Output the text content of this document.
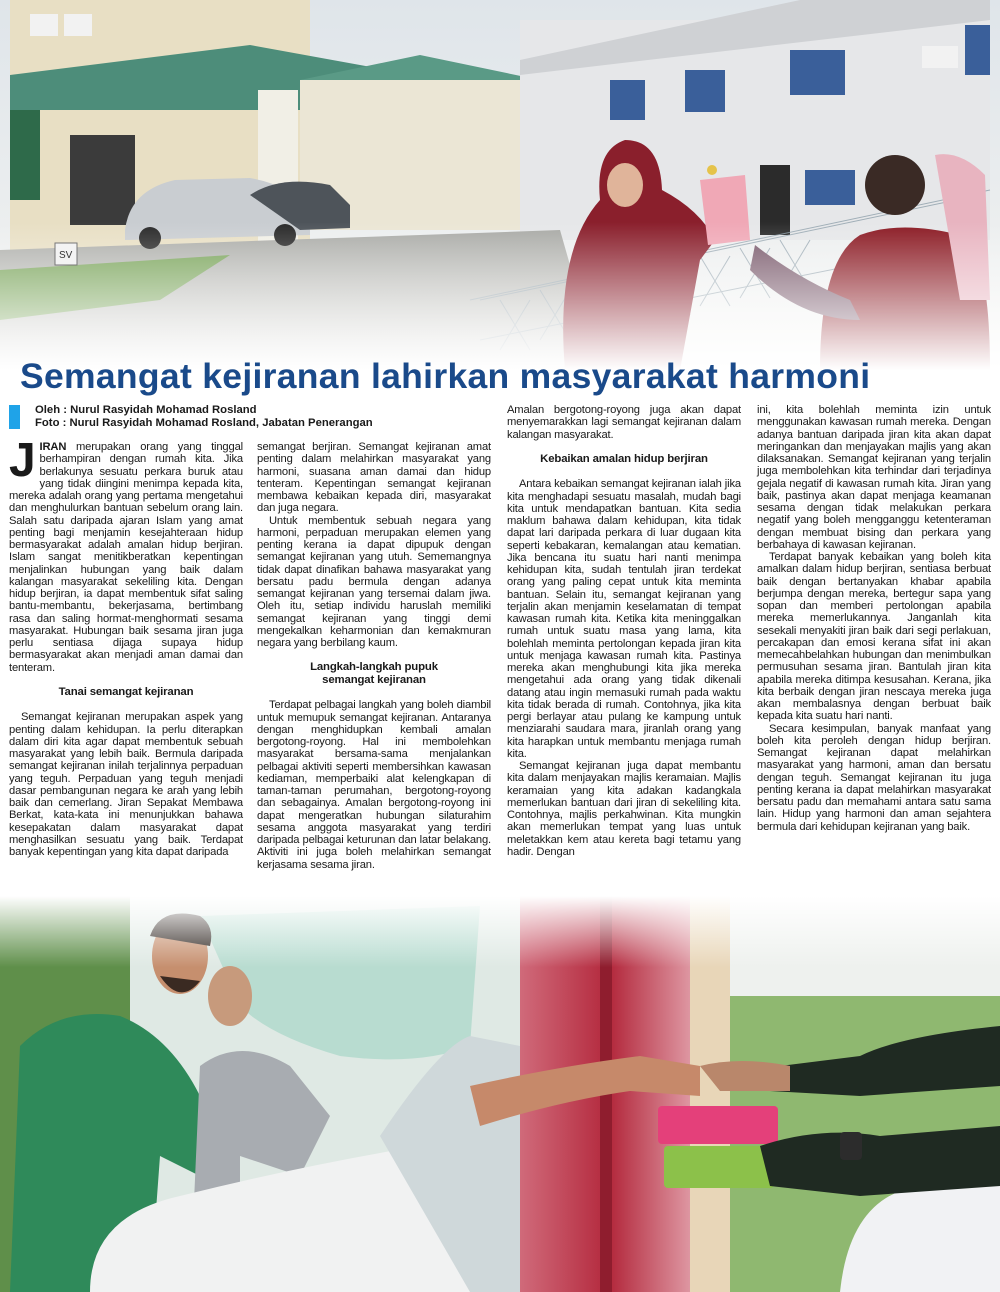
SV
Semangat kejiranan lahirkan masyarakat harmoni
Oleh : Nurul Rasyidah Mohamad Rosland
Foto : Nurul Rasyidah Mohamad Rosland, Jabatan Penerangan

JIRAN merupakan orang yang tinggal berhampiran dengan rumah kita. Jika berlakunya sesuatu perkara buruk atau yang tidak diingini menimpa kepada kita, mereka adalah orang yang pertama mengetahui dan menghulurkan bantuan sebelum orang lain. Salah satu daripada ajaran Islam yang amat penting bagi menjamin kesejahteraan hidup bermasyarakat adalah amalan hidup berjiran. Islam sangat menitikberatkan kepentingan menjalinkan hubungan yang baik dalam kalangan masyarakat sekeliling kita. Dengan hidup berjiran, ia dapat membentuk sifat saling bantu-membantu, bekerjasama, bertimbang rasa dan saling hormat-menghormati sesama masyarakat. Hubungan baik sesama jiran juga perlu sentiasa dijaga supaya hidup bermasyarakat akan menjadi aman damai dan tenteram.

Tanai semangat kejiranan

Semangat kejiranan merupakan aspek yang penting dalam kehidupan. Ia perlu diterapkan dalam diri kita agar dapat membentuk sebuah masyarakat yang lebih baik. Bermula daripada semangat kejiranan inilah terjalinnya perpaduan yang teguh. Perpaduan yang teguh menjadi dasar pembangunan negara ke arah yang lebih baik dan cemerlang. Jiran Sepakat Membawa Berkat, kata-kata ini menunjukkan bahawa kesepakatan dalam masyarakat dapat menghasilkan sesuatu yang baik. Terdapat banyak kepentingan yang kita dapat daripada

semangat berjiran. Semangat kejiranan amat penting dalam melahirkan masyarakat yang harmoni, suasana aman damai dan hidup tenteram. Kepentingan semangat kejiranan membawa kebaikan kepada diri, masyarakat dan juga negara.

Untuk membentuk sebuah negara yang harmoni, perpaduan merupakan elemen yang penting kerana ia dapat dipupuk dengan semangat kejiranan yang utuh. Sememangnya tidak dapat dinafikan bahawa masyarakat yang bersatu padu bermula dengan adanya semangat kejiranan yang tersemai dalam jiwa. Oleh itu, setiap individu haruslah memiliki semangat kejiranan yang tinggi demi mengekalkan keharmonian dan kemakmuran negara yang berbilang kaum.

Langkah-langkah pupuk semangat kejiranan

Terdapat pelbagai langkah yang boleh diambil untuk memupuk semangat kejiranan. Antaranya dengan menghidupkan kembali amalan bergotong-royong. Hal ini membolehkan masyarakat bersama-sama menjalankan pelbagai aktiviti seperti membersihkan kawasan kediaman, memperbaiki alat kelengkapan di taman-taman perumahan, bergotong-royong dan sebagainya. Amalan bergotong-royong ini dapat mengeratkan hubungan silaturahim sesama anggota masyarakat yang terdiri daripada pelbagai keturunan dan latar belakang. Aktiviti ini juga boleh melahirkan semangat kerjasama sesama jiran.

Amalan bergotong-royong juga akan dapat menyemarakkan lagi semangat kejiranan dalam kalangan masyarakat.

Kebaikan amalan hidup berjiran

Antara kebaikan semangat kejiranan ialah jika kita menghadapi sesuatu masalah, mudah bagi kita untuk mendapatkan bantuan. Kita sedia maklum bahawa dalam kehidupan, kita tidak dapat lari daripada perkara di luar dugaan kita seperti kebakaran, kemalangan atau kematian. Jika bencana itu suatu hari nanti menimpa kehidupan kita, sudah tentulah jiran terdekat orang yang paling cepat untuk kita meminta bantuan. Selain itu, semangat kejiranan yang terjalin akan menjamin keselamatan di tempat kawasan rumah kita. Ketika kita meninggalkan rumah untuk suatu masa yang lama, kita bolehlah meminta pertolongan kepada jiran kita untuk menjaga kawasan rumah kita. Pastinya mereka akan menghubungi kita jika mereka mengetahui ada orang yang tidak dikenali datang atau ingin memasuki rumah pada waktu kita tidak berada di rumah. Contohnya, jika kita pergi berlayar atau pulang ke kampung untuk menziarahi saudara mara, jiranlah orang yang kita harapkan untuk membantu menjaga rumah kita.

Semangat kejiranan juga dapat membantu kita dalam menjayakan majlis keramaian. Majlis keramaian yang kita adakan kadangkala memerlukan bantuan dari jiran di sekeliling kita. Contohnya, majlis perkahwinan. Kita mungkin akan memerlukan tempat yang luas untuk meletakkan kem atau kereta bagi tetamu yang hadir. Dengan

ini, kita bolehlah meminta izin untuk menggunakan kawasan rumah mereka. Dengan adanya bantuan daripada jiran kita akan dapat meringankan dan menjayakan majlis yang akan dilaksanakan. Semangat kejiranan yang terjalin juga membolehkan kita terhindar dari terjadinya gejala negatif di kawasan rumah kita. Jiran yang baik, pastinya akan dapat menjaga keamanan sesama dengan tidak melakukan perkara negatif yang boleh mengganggu ketenteraman dengan membuat bising dan perkara yang berbahaya di kawasan kejiranan.

Terdapat banyak kebaikan yang boleh kita amalkan dalam hidup berjiran, sentiasa berbuat baik dengan bertanyakan khabar apabila berjumpa dengan mereka, bertegur sapa yang sopan dan memberi pertolongan apabila mereka memerlukannya. Janganlah kita sesekali menyakiti jiran baik dari segi perlakuan, percakapan dan emosi kerana sifat ini akan memecahbelahkan hubungan dan menimbulkan permusuhan sesama jiran. Bantulah jiran kita apabila mereka ditimpa kesusahan. Kerana, jika kita berbaik dengan jiran nescaya mereka juga akan membalasnya dengan berbuat baik kepada kita suatu hari nanti.

Secara kesimpulan, banyak manfaat yang boleh kita peroleh dengan hidup berjiran. Semangat kejiranan dapat melahirkan masyarakat yang harmoni, aman dan bersatu dengan teguh. Semangat kejiranan itu juga penting kerana ia dapat melahirkan masyarakat bersatu padu dan memahami antara satu sama lain. Hidup yang harmoni dan aman sejahtera bermula dari kehidupan kejiranan yang baik.
